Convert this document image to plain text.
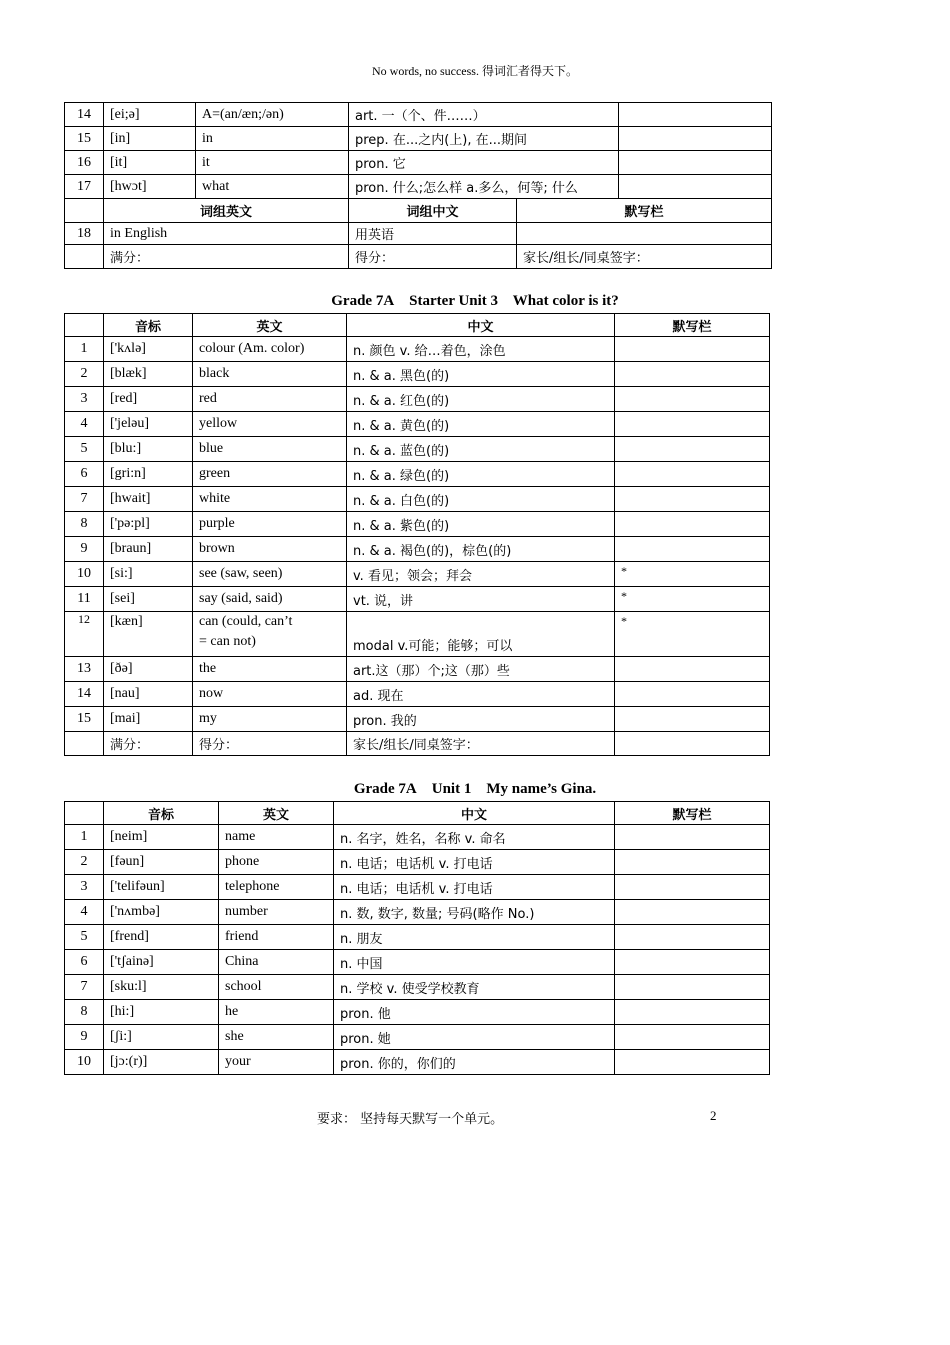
No words, no success. 得词汇者得天下。
14	[ei;ə]	A=(an/æn;/ən)	art. 一（个、件……）		
15	[in]	in	prep. 在...之内(上), 在...期间		
16	[it]	it	pron. 它		
17	[hwɔt]	what	pron. 什么;怎么样 a.多么，何等; 什么		
	词组英文		词组中文	默写栏	
18	in English		用英语		
	满分：		得分：	家长/组长/同桌签字：	
Grade 7A Starter Unit 3 What color is it?
	音标	英文	中文	默写栏
1	['kʌlə]	colour (Am. color)	n. 颜色 v. 给…着色，涂色	
2	[blæk]	black	n. & a. 黑色(的)	
3	[red]	red	n. & a. 红色(的)	
4	['jeləu]	yellow	n. & a. 黄色(的)	
5	[blu:]	blue	n. & a. 蓝色(的)	
6	[gri:n]	green	n. & a. 绿色(的)	
7	[hwait]	white	n. & a. 白色(的)	
8	['pə:pl]	purple	n. & a. 紫色(的)	
9	[braun]	brown	n. & a. 褐色(的)，棕色(的)	
10	[si:]	see (saw, seen)	v. 看见；领会；拜会	*
11	[sei]	say (said, said)	vt. 说，讲	*
12	[kæn]	can (could, can’t
= can not)	modal v.可能；能够；可以	*
13	[ðə]	the	art.这（那）个;这（那）些	
14	[nau]	now	ad. 现在	
15	[mai]	my	pron. 我的	
	满分：	得分：	家长/组长/同桌签字：	
Grade 7A Unit 1 My name’s Gina.
	音标	英文	中文	默写栏
1	[neim]	name	n. 名字，姓名，名称 v. 命名	
2	[fəun]	phone	n. 电话；电话机 v. 打电话	
3	['telifəun]	telephone	n. 电话；电话机 v. 打电话	
4	['nʌmbə]	number	n. 数, 数字, 数量; 号码(略作 No.)	
5	[frend]	friend	n. 朋友	
6	['tʃainə]	China	n. 中国	
7	[sku:l]	school	n. 学校 v. 使受学校教育	
8	[hi:]	he	pron. 他	
9	[ʃi:]	she	pron. 她	
10	[jɔ:(r)]	your	pron. 你的，你们的	
要求： 坚持每天默写一个单元。	2
